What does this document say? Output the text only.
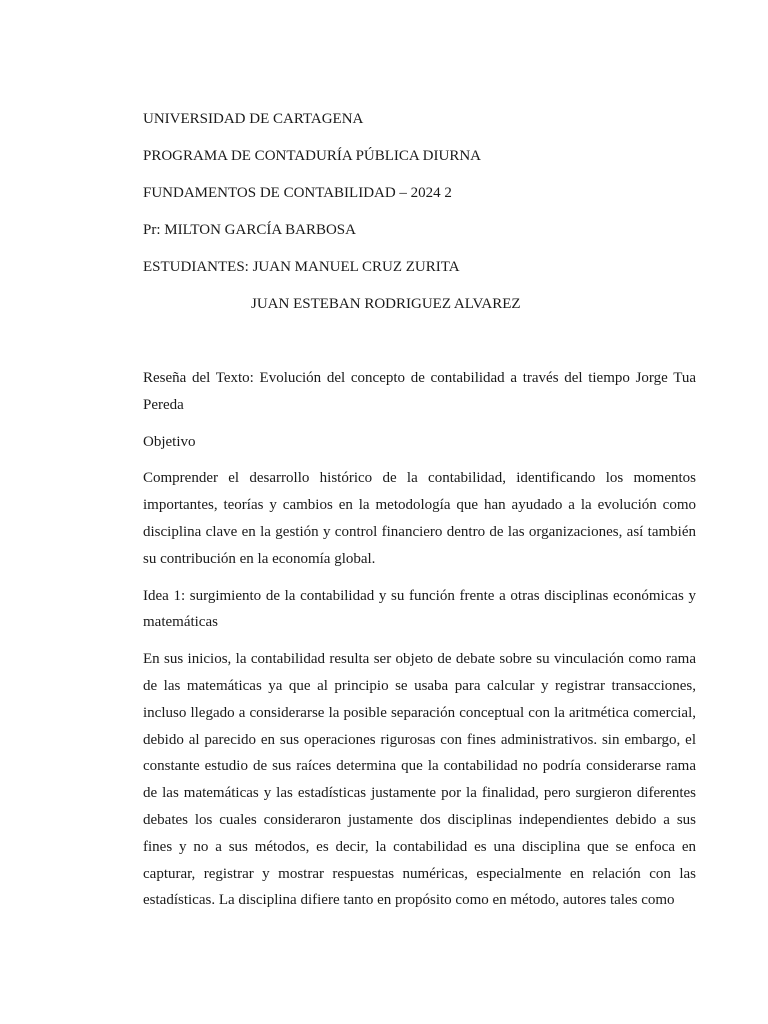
UNIVERSIDAD DE CARTAGENA

PROGRAMA DE CONTADURÍA PÚBLICA DIURNA

FUNDAMENTOS DE CONTABILIDAD – 2024 2

Pr: MILTON GARCÍA BARBOSA

ESTUDIANTES: JUAN MANUEL CRUZ ZURITA

JUAN ESTEBAN RODRIGUEZ ALVAREZ

Reseña del Texto: Evolución del concepto de contabilidad a través del tiempo Jorge Tua Pereda

Objetivo

Comprender el desarrollo histórico de la contabilidad, identificando los momentos importantes, teorías y cambios en la metodología que han ayudado a la evolución como disciplina clave en la gestión y control financiero dentro de las organizaciones, así también su contribución en la economía global.

Idea 1: surgimiento de la contabilidad y su función frente a otras disciplinas económicas y matemáticas

En sus inicios, la contabilidad resulta ser objeto de debate sobre su vinculación como rama de las matemáticas ya que al principio se usaba para calcular y registrar transacciones, incluso llegado a considerarse la posible separación conceptual con la aritmética comercial, debido al parecido en sus operaciones rigurosas con fines administrativos. sin embargo, el constante estudio de sus raíces determina que la contabilidad no podría considerarse rama de las matemáticas y las estadísticas justamente por la finalidad, pero surgieron diferentes debates los cuales consideraron justamente dos disciplinas independientes debido a sus fines y no a sus métodos, es decir, la contabilidad es una disciplina que se enfoca en capturar, registrar y mostrar respuestas numéricas, especialmente en relación con las estadísticas. La disciplina difiere tanto en propósito como en método, autores tales como
